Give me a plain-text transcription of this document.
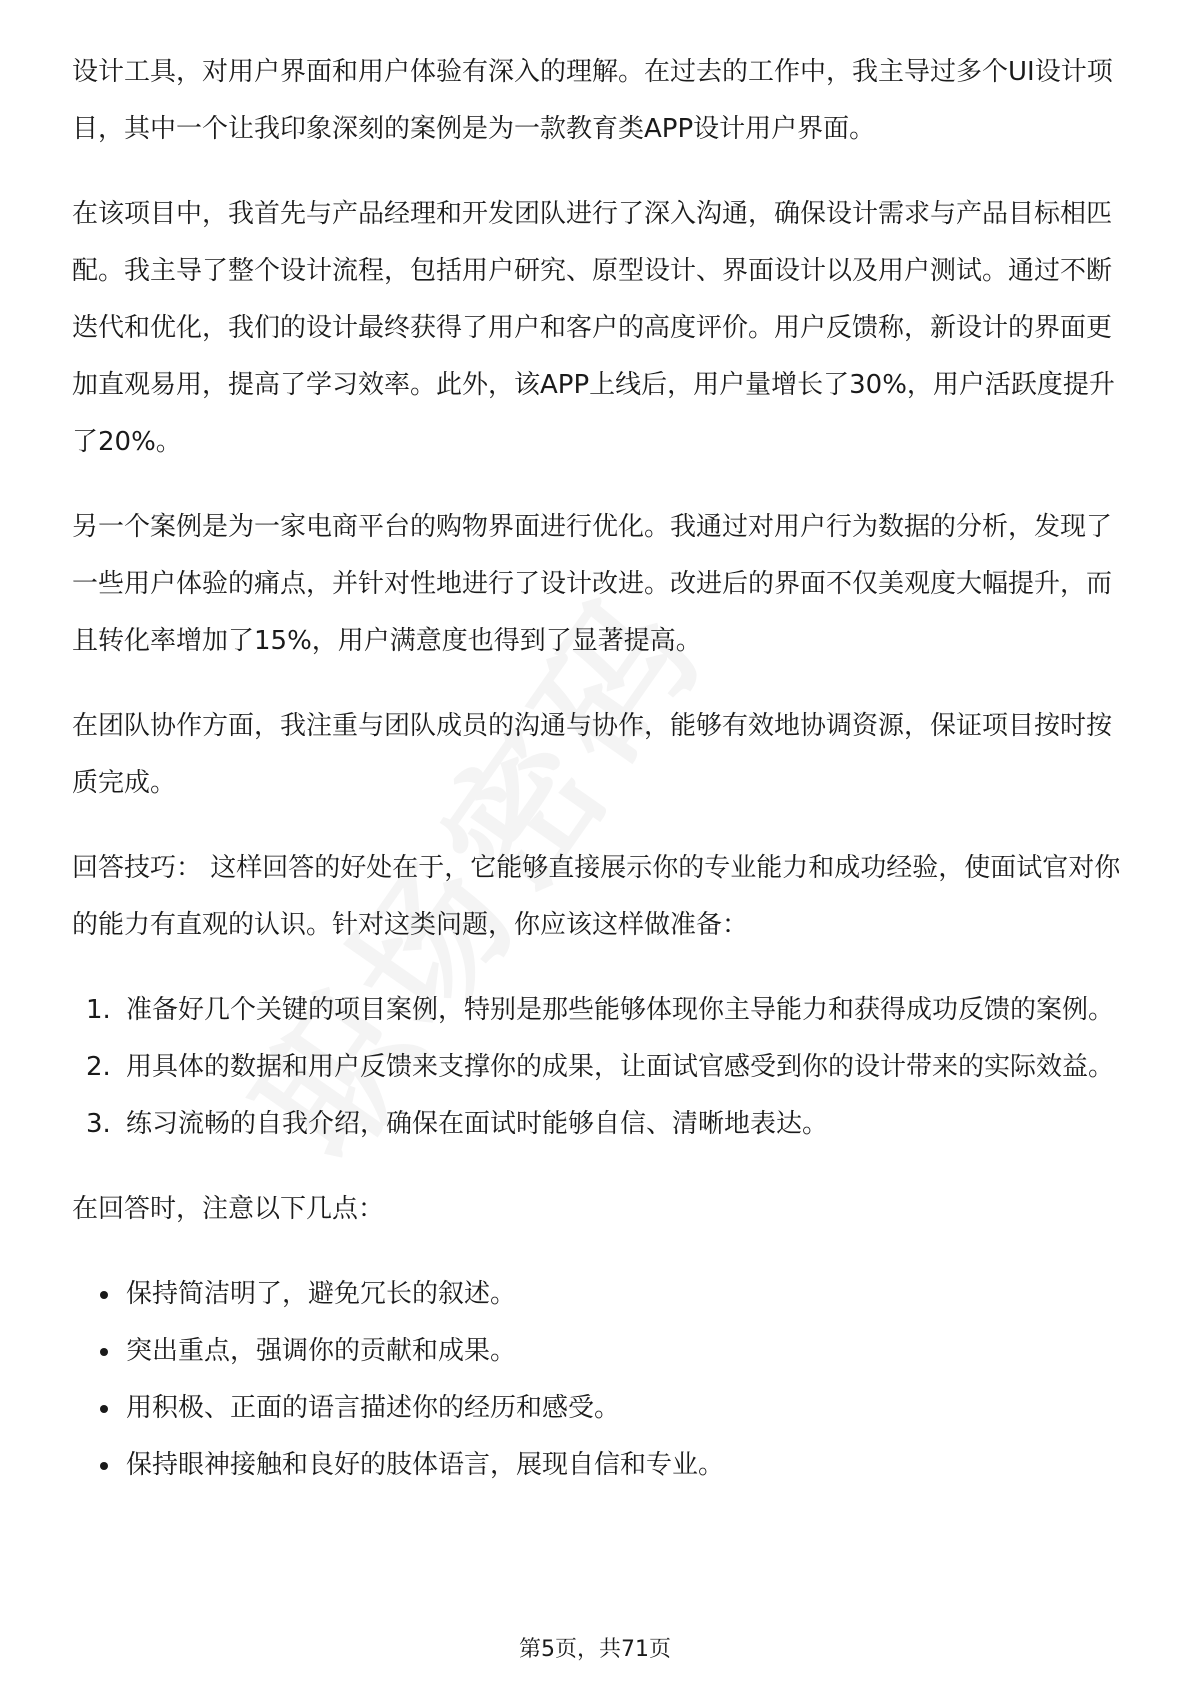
设计工具，对用户界面和用户体验有深入的理解。在过去的工作中，我主导过多个UI设计项目，其中一个让我印象深刻的案例是为一款教育类APP设计用户界面。

在该项目中，我首先与产品经理和开发团队进行了深入沟通，确保设计需求与产品目标相匹配。我主导了整个设计流程，包括用户研究、原型设计、界面设计以及用户测试。通过不断迭代和优化，我们的设计最终获得了用户和客户的高度评价。用户反馈称，新设计的界面更加直观易用，提高了学习效率。此外，该APP上线后，用户量增长了30%，用户活跃度提升了20%。

另一个案例是为一家电商平台的购物界面进行优化。我通过对用户行为数据的分析，发现了一些用户体验的痛点，并针对性地进行了设计改进。改进后的界面不仅美观度大幅提升，而且转化率增加了15%，用户满意度也得到了显著提高。

在团队协作方面，我注重与团队成员的沟通与协作，能够有效地协调资源，保证项目按时按质完成。

回答技巧： 这样回答的好处在于，它能够直接展示你的专业能力和成功经验，使面试官对你的能力有直观的认识。针对这类问题，你应该这样做准备：

1. 准备好几个关键的项目案例，特别是那些能够体现你主导能力和获得成功反馈的案例。
2. 用具体的数据和用户反馈来支撑你的成果，让面试官感受到你的设计带来的实际效益。
3. 练习流畅的自我介绍，确保在面试时能够自信、清晰地表达。

在回答时，注意以下几点：

保持简洁明了，避免冗长的叙述。
突出重点，强调你的贡献和成果。
用积极、正面的语言描述你的经历和感受。
保持眼神接触和良好的肢体语言，展现自信和专业。
第5页，共71页
